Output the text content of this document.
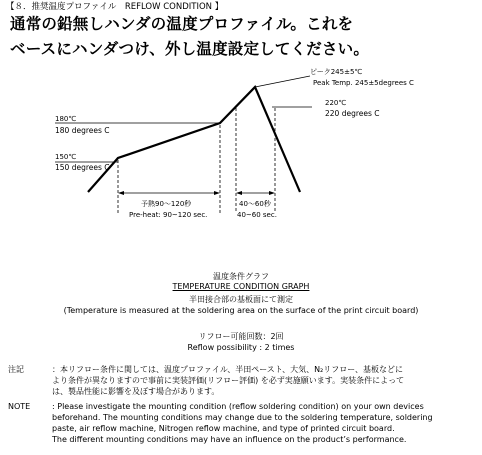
【８．推奨温度プロファイル　REFLOW CONDITION 】
通常の鉛無しハンダの温度プロファイル。これを
ベースにハンダつけ、外し温度設定してください。
ピーク245±5℃
Peak Temp. 245±5degrees C
220℃
220 degrees C
180℃
180 degrees C
150℃
150 degrees C
予熱90～120秒
Pre-heat: 90~120 sec.
40～60秒
40~60 sec.
温度条件グラフ
TEMPERATURE CONDITION GRAPH
半田接合部の基板面にて測定
(Temperature is measured at the soldering area on the surface of the print circuit board)
リフロー可能回数：2回
Reflow possibility : 2 times
注記	：本リフロー条件に関しては、温度プロファイル、半田ペースト、大気、N₂リフロー、基板などに
より条件が異なりますので事前に実装評価(リフロー評価) を必ず実施願います。実装条件によって
は、製品性能に影響を及ぼす場合があります。
NOTE	: Please investigate the mounting condition (reflow soldering condition) on your own devices
beforehand. The mounting conditions may change due to the soldering temperature, soldering
paste, air reflow machine, Nitrogen reflow machine, and type of printed circuit board.
The different mounting conditions may have an influence on the product’s performance.
